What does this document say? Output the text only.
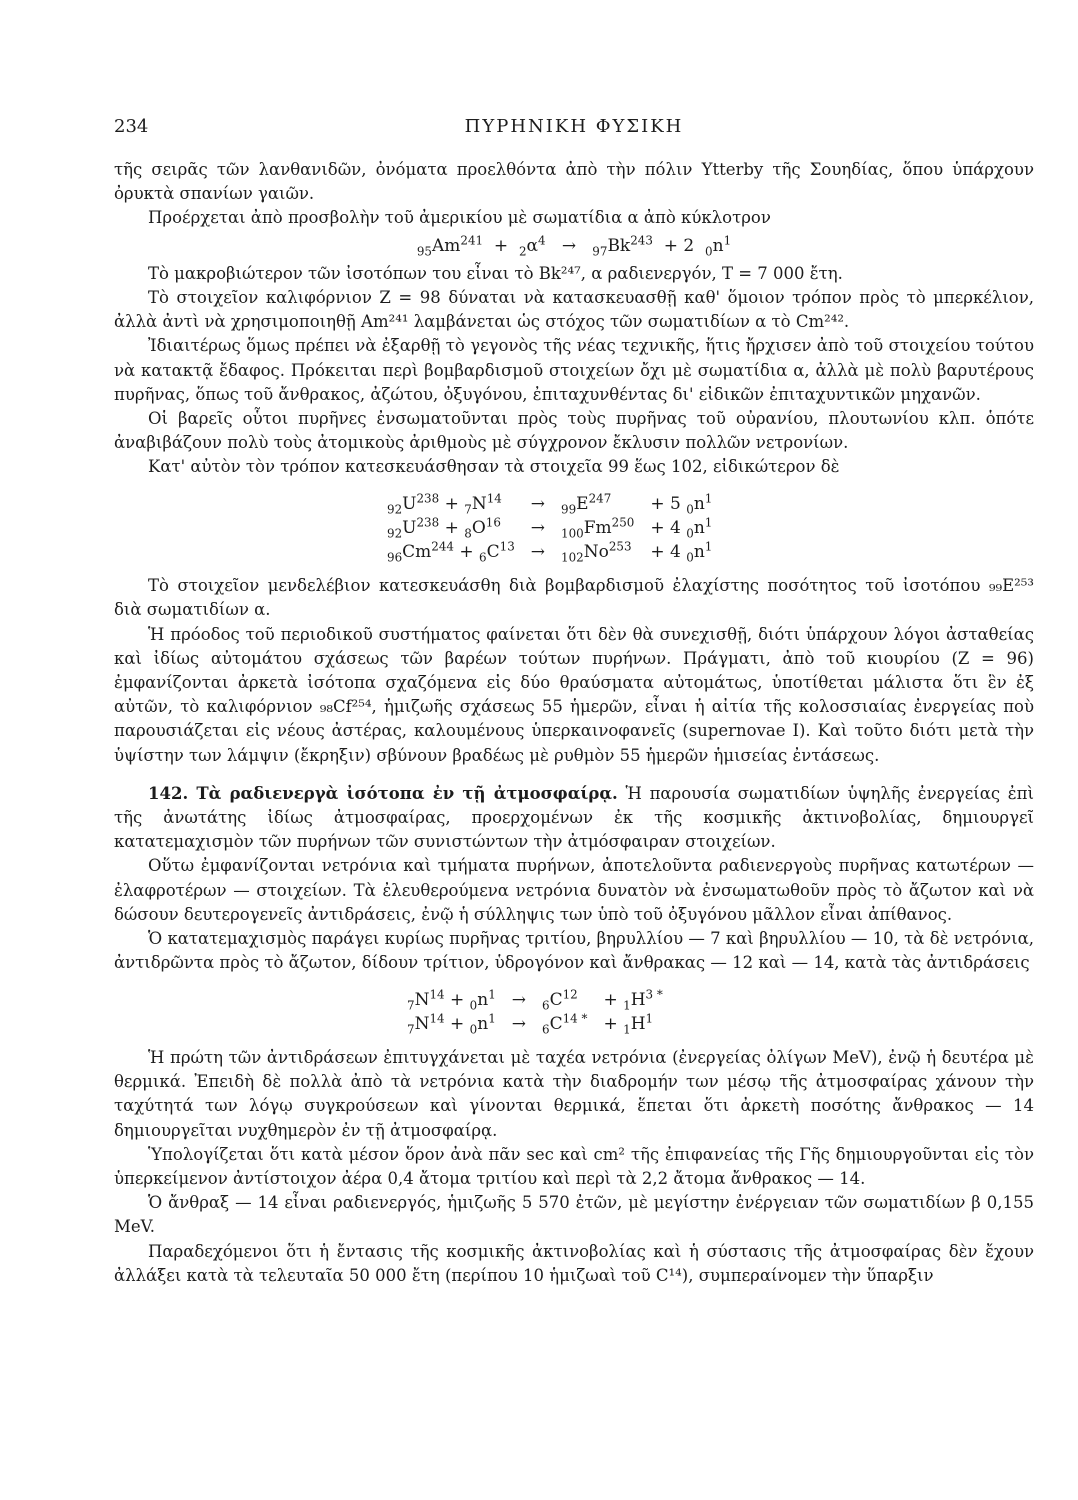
234	ΠΥΡΗΝΙΚΗ ΦΥΣΙΚΗ

τῆς σειρᾶς τῶν λανθανιδῶν, ὀνόματα προελθόντα ἀπὸ τὴν πόλιν Ytterby τῆς Σουηδίας, ὅπου ὑπάρχουν ὀρυκτὰ σπανίων γαιῶν.

Προέρχεται ἀπὸ προσβολὴν τοῦ ἀμερικίου μὲ σωματίδια α ἀπὸ κύκλοτρον

$_{95}Am^{241} + _2\alpha^4 \to _{97}Bk^{243} + 2$ $_0n^1$

Τὸ μακροβιώτερον τῶν ἰσοτόπων του εἶναι τὸ Bk²⁴⁷, α ραδιενεργόν, T = 7 000 ἔτη.

Τὸ στοιχεῖον καλιφόρνιον Z = 98 δύναται νὰ κατασκευασθῇ καθ' ὅμοιον τρόπον πρὸς τὸ μπερκέλιον, ἀλλὰ ἀντὶ νὰ χρησιμοποιηθῇ Am²⁴¹ λαμβάνεται ὡς στόχος τῶν σωματιδίων α τὸ Cm²⁴².

Ἰδιαιτέρως ὅμως πρέπει νὰ ἐξαρθῇ τὸ γεγονὸς τῆς νέας τεχνικῆς, ἥτις ἤρχισεν ἀπὸ τοῦ στοιχείου τούτου νὰ κατακτᾷ ἔδαφος. Πρόκειται περὶ βομβαρδισμοῦ στοιχείων ὄχι μὲ σωματίδια α, ἀλλὰ μὲ πολὺ βαρυτέρους πυρῆνας, ὅπως τοῦ ἄνθρακος, ἀζώτου, ὀξυγόνου, ἐπιταχυνθέντας δι' εἰδικῶν ἐπιταχυντικῶν μηχανῶν.

Οἱ βαρεῖς οὗτοι πυρῆνες ἐνσωματοῦνται πρὸς τοὺς πυρῆνας τοῦ οὐρανίου, πλουτωνίου κλπ. ὁπότε ἀναβιβάζουν πολὺ τοὺς ἀτομικοὺς ἀριθμοὺς μὲ σύγχρονον ἔκλυσιν πολλῶν νετρονίων.

Κατ' αὐτὸν τὸν τρόπον κατεσκευάσθησαν τὰ στοιχεῖα 99 ἕως 102, εἰδικώτερον δὲ

$_{92}U^{238} + _7N^{14}$	→	$_{99}E^{247}$	+ 5 $_0n^1$
$_{92}U^{238} + _8O^{16}$	→	$_{100}Fm^{250}$	+ 4 $_0n^1$
$_{96}Cm^{244} + _6C^{13}$	→	$_{102}No^{253}$	+ 4 $_0n^1$

Τὸ στοιχεῖον μενδελέβιον κατεσκευάσθη διὰ βομβαρδισμοῦ ἐλαχίστης ποσότητος τοῦ ἰσοτόπου ₉₉E²⁵³ διὰ σωματιδίων α.

Ἡ πρόοδος τοῦ περιοδικοῦ συστήματος φαίνεται ὅτι δὲν θὰ συνεχισθῇ, διότι ὑπάρχουν λόγοι ἀσταθείας καὶ ἰδίως αὐτομάτου σχάσεως τῶν βαρέων τούτων πυρήνων. Πράγματι, ἀπὸ τοῦ κιουρίου (Z = 96) ἐμφανίζονται ἀρκετὰ ἰσότοπα σχαζόμενα εἰς δύο θραύσματα αὐτομάτως, ὑποτίθεται μάλιστα ὅτι ἓν ἐξ αὐτῶν, τὸ καλιφόρνιον ₉₈Cf²⁵⁴, ἡμιζωῆς σχάσεως 55 ἡμερῶν, εἶναι ἡ αἰτία τῆς κολοσσιαίας ἐνεργείας ποὺ παρουσιάζεται εἰς νέους ἀστέρας, καλουμένους ὑπερκαινοφανεῖς (supernovae I). Καὶ τοῦτο διότι μετὰ τὴν ὑψίστην των λάμψιν (ἔκρηξιν) σβύνουν βραδέως μὲ ρυθμὸν 55 ἡμερῶν ἡμισείας ἐντάσεως.

142. Τὰ ραδιενεργὰ ἰσότοπα ἐν τῇ ἀτμοσφαίρᾳ. Ἡ παρουσία σωματιδίων ὑψηλῆς ἐνεργείας ἐπὶ τῆς ἀνωτάτης ἰδίως ἀτμοσφαίρας, προερχομένων ἐκ τῆς κοσμικῆς ἀκτινοβολίας, δημιουργεῖ κατατεμαχισμὸν τῶν πυρήνων τῶν συνιστώντων τὴν ἀτμόσφαιραν στοιχείων.

Οὕτω ἐμφανίζονται νετρόνια καὶ τμήματα πυρήνων, ἀποτελοῦντα ραδιενεργοὺς πυρῆνας κατωτέρων — ἐλαφροτέρων — στοιχείων. Τὰ ἐλευθερούμενα νετρόνια δυνατὸν νὰ ἐνσωματωθοῦν πρὸς τὸ ἄζωτον καὶ νὰ δώσουν δευτερογενεῖς ἀντιδράσεις, ἐνῷ ἡ σύλληψις των ὑπὸ τοῦ ὀξυγόνου μᾶλλον εἶναι ἀπίθανος.

Ὁ κατατεμαχισμὸς παράγει κυρίως πυρῆνας τριτίου, βηρυλλίου — 7 καὶ βηρυλλίου — 10, τὰ δὲ νετρόνια, ἀντιδρῶντα πρὸς τὸ ἄζωτον, δίδουν τρίτιον, ὑδρογόνον καὶ ἄνθρακας — 12 καὶ — 14, κατὰ τὰς ἀντιδράσεις

$_7N^{14} + _0n^1$	→	$_6C^{12}$	+ $_1H^{3 *}$
$_7N^{14} + _0n^1$	→	$_6C^{14 *}$	+ $_1H^1$

Ἡ πρώτη τῶν ἀντιδράσεων ἐπιτυγχάνεται μὲ ταχέα νετρόνια (ἐνεργείας ὀλίγων MeV), ἐνῷ ἡ δευτέρα μὲ θερμικά. Ἐπειδὴ δὲ πολλὰ ἀπὸ τὰ νετρόνια κατὰ τὴν διαδρομήν των μέσῳ τῆς ἀτμοσφαίρας χάνουν τὴν ταχύτητά των λόγῳ συγκρούσεων καὶ γίνονται θερμικά, ἕπεται ὅτι ἀρκετὴ ποσότης ἄνθρακος — 14 δημιουργεῖται νυχθημερὸν ἐν τῇ ἀτμοσφαίρᾳ.

Ὑπολογίζεται ὅτι κατὰ μέσον ὅρον ἀνὰ πᾶν sec καὶ cm² τῆς ἐπιφανείας τῆς Γῆς δημιουργοῦνται εἰς τὸν ὑπερκείμενον ἀντίστοιχον ἀέρα 0,4 ἄτομα τριτίου καὶ περὶ τὰ 2,2 ἄτομα ἄνθρακος — 14.

Ὁ ἄνθραξ — 14 εἶναι ραδιενεργός, ἡμιζωῆς 5 570 ἐτῶν, μὲ μεγίστην ἐνέργειαν τῶν σωματιδίων β 0,155 MeV.

Παραδεχόμενοι ὅτι ἡ ἔντασις τῆς κοσμικῆς ἀκτινοβολίας καὶ ἡ σύστασις τῆς ἀτμοσφαίρας δὲν ἔχουν ἀλλάξει κατὰ τὰ τελευταῖα 50 000 ἔτη (περίπου 10 ἡμιζωαὶ τοῦ C¹⁴), συμπεραίνομεν τὴν ὕπαρξιν
